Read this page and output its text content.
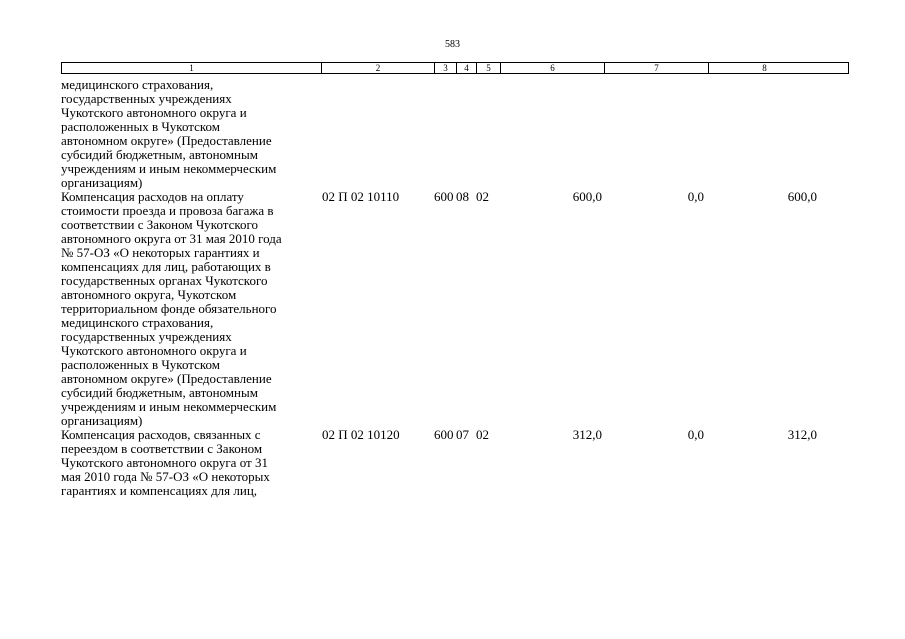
583
1	2	3	4	5	6	7	8
медицинского страхования,
государственных учреждениях
Чукотского автономного округа и
расположенных в Чукотском
автономном округе» (Предоставление
субсидий бюджетным, автономным
учреждениям и иным некоммерческим
организациям)
Компенсация расходов на оплату
стоимости проезда и провоза багажа в
соответствии с Законом Чукотского
автономного округа от 31 мая 2010 года
№ 57-ОЗ «О некоторых гарантиях и
компенсациях для лиц, работающих в
государственных органах Чукотского
автономного округа, Чукотском
территориальном фонде обязательного
медицинского страхования,
государственных учреждениях
Чукотского автономного округа и
расположенных в Чукотском
автономном округе» (Предоставление
субсидий бюджетным, автономным
учреждениям и иным некоммерческим
организациям)
02 П 02 10110	600 08 02	600,0	0,0	600,0
Компенсация расходов, связанных с
переездом в соответствии с Законом
Чукотского автономного округа от 31
мая 2010 года № 57-ОЗ «О некоторых
гарантиях и компенсациях для лиц,
02 П 02 10120	600 07 02	312,0	0,0	312,0
